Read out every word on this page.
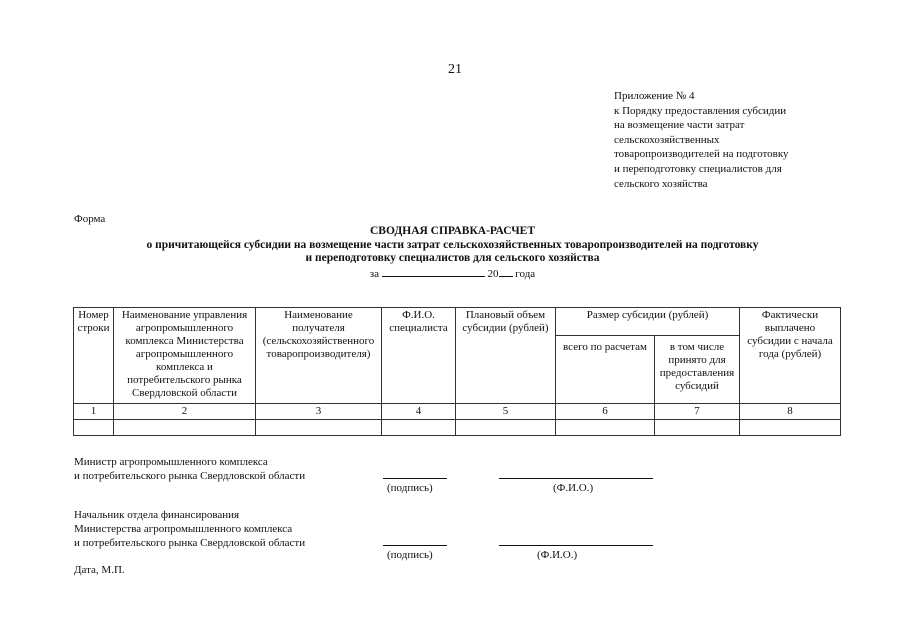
21
Приложение № 4
к Порядку предоставления субсидии
на возмещение части затрат
сельскохозяйственных
товаропроизводителей на подготовку
и переподготовку специалистов для
сельского хозяйства
Форма
СВОДНАЯ СПРАВКА-РАСЧЕТ
о причитающейся субсидии на возмещение части затрат сельскохозяйственных товаропроизводителей на подготовку
и переподготовку специалистов для сельского хозяйства
за	20 года
Номер строки	Наименование управления агропромышленного комплекса Министерства агропромышленного комплекса и потребительского рынка Свердловской области	Наименование получателя (сельскохозяйственного товаропроизводителя)	Ф.И.О. специалиста	Плановый объем субсидии (рублей)	Размер субсидии (рублей)		Фактически выплачено субсидии с начала года (рублей)
					всего по расчетам	в том числе принято для предоставления субсидий	
1	2	3	4	5	6	7	8

Министр агропромышленного комплекса
и потребительского рынка Свердловской области
(подпись)	(Ф.И.О.)
Начальник отдела финансирования
Министерства агропромышленного комплекса
и потребительского рынка Свердловской области
(подпись)	(Ф.И.О.)
Дата, М.П.
